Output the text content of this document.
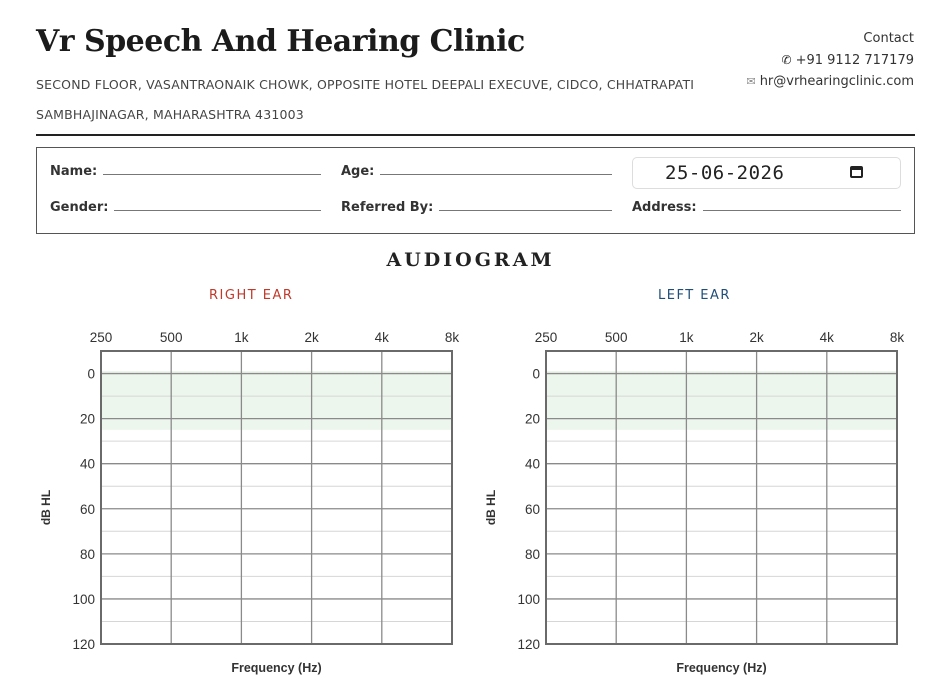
Vr Speech And Hearing Clinic
SECOND FLOOR, VASANTRAONAIK CHOWK, OPPOSITE HOTEL DEEPALI EXECUVE, CIDCO, CHHATRAPATI SAMBHAJINAGAR, MAHARASHTRA 431003
Contact
✆ +91 9112 717179
✉ hr@vrhearingclinic.com
Name:	Age:	25-06-2026
Gender:	Referred By:	Address:
AUDIOGRAM
RIGHT EAR	LEFT EAR
0
20
40
60
80
100
120
250	500	1k	2k	4k	8k
Frequency (Hz)
dB HL
0
20
40
60
80
100
120
250	500	1k	2k	4k	8k
Frequency (Hz)
dB HL
